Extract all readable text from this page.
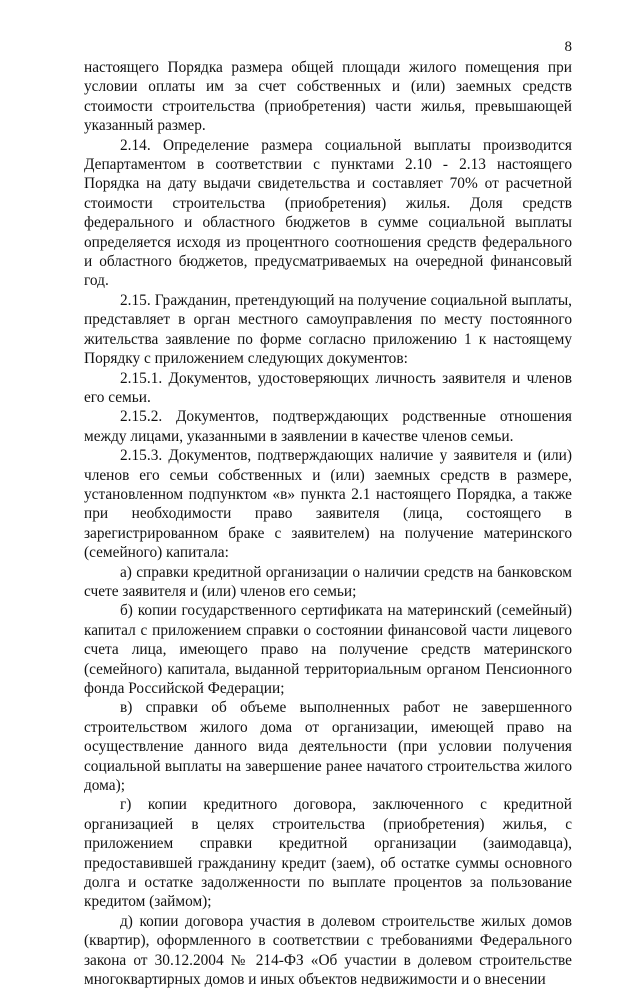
8

настоящего Порядка размера общей площади жилого помещения при условии оплаты им за счет собственных и (или) заемных средств стоимости строительства (приобретения) части жилья, превышающей указанный размер.

2.14. Определение размера социальной выплаты производится Департаментом в соответствии с пунктами 2.10 - 2.13 настоящего Порядка на дату выдачи свидетельства и составляет 70% от расчетной стоимости строительства (приобретения) жилья. Доля средств федерального и областного бюджетов в сумме социальной выплаты определяется исходя из процентного соотношения средств федерального и областного бюджетов, предусматриваемых на очередной финансовый год.

2.15. Гражданин, претендующий на получение социальной выплаты, представляет в орган местного самоуправления по месту постоянного жительства заявление по форме согласно приложению 1 к настоящему Порядку с приложением следующих документов:

2.15.1. Документов, удостоверяющих личность заявителя и членов его семьи.

2.15.2. Документов, подтверждающих родственные отношения между лицами, указанными в заявлении в качестве членов семьи.

2.15.3. Документов, подтверждающих наличие у заявителя и (или) членов его семьи собственных и (или) заемных средств в размере, установленном подпунктом «в» пункта 2.1 настоящего Порядка, а также при необходимости право заявителя (лица, состоящего в зарегистрированном браке с заявителем) на получение материнского (семейного) капитала:

а) справки кредитной организации о наличии средств на банковском счете заявителя и (или) членов его семьи;

б) копии государственного сертификата на материнский (семейный) капитал с приложением справки о состоянии финансовой части лицевого счета лица, имеющего право на получение средств материнского (семейного) капитала, выданной территориальным органом Пенсионного фонда Российской Федерации;

в) справки об объеме выполненных работ не завершенного строительством жилого дома от организации, имеющей право на осуществление данного вида деятельности (при условии получения социальной выплаты на завершение ранее начатого строительства жилого дома);

г) копии кредитного договора, заключенного с кредитной организацией в целях строительства (приобретения) жилья, с приложением справки кредитной организации (заимодавца), предоставившей гражданину кредит (заем), об остатке суммы основного долга и остатке задолженности по выплате процентов за пользование кредитом (займом);

д) копии договора участия в долевом строительстве жилых домов (квартир), оформленного в соответствии с требованиями Федерального закона от 30.12.2004 № 214-ФЗ «Об участии в долевом строительстве многоквартирных домов и иных объектов недвижимости и о внесении
